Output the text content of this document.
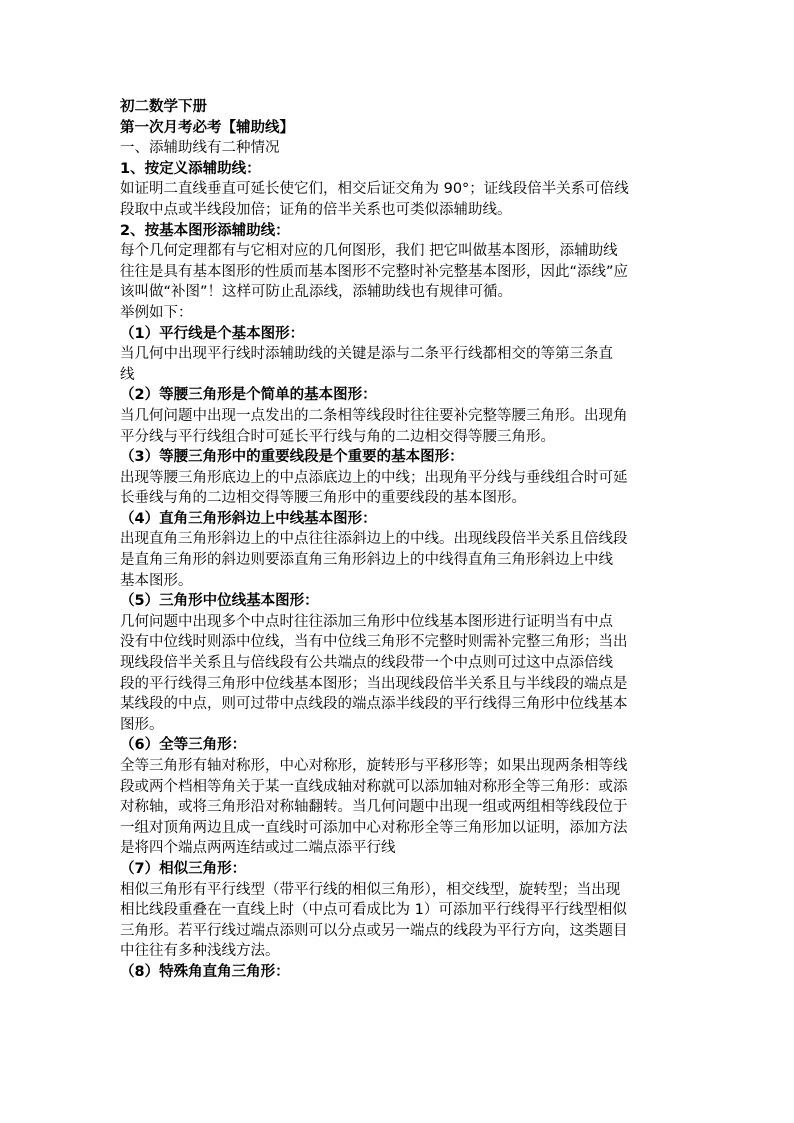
初二数学下册
第一次月考必考【辅助线】
一、添辅助线有二种情况
1、按定义添辅助线：
如证明二直线垂直可延长使它们，相交后证交角为 90°；证线段倍半关系可倍线
段取中点或半线段加倍；证角的倍半关系也可类似添辅助线。
2、按基本图形添辅助线：
每个几何定理都有与它相对应的几何图形，我们 把它叫做基本图形，添辅助线
往往是具有基本图形的性质而基本图形不完整时补完整基本图形，因此“添线”应
该叫做“补图”！这样可防止乱添线，添辅助线也有规律可循。
举例如下：
（1）平行线是个基本图形：
当几何中出现平行线时添辅助线的关键是添与二条平行线都相交的等第三条直
线
（2）等腰三角形是个简单的基本图形：
当几何问题中出现一点发出的二条相等线段时往往要补完整等腰三角形。出现角
平分线与平行线组合时可延长平行线与角的二边相交得等腰三角形。
（3）等腰三角形中的重要线段是个重要的基本图形：
出现等腰三角形底边上的中点添底边上的中线；出现角平分线与垂线组合时可延
长垂线与角的二边相交得等腰三角形中的重要线段的基本图形。
（4）直角三角形斜边上中线基本图形：
出现直角三角形斜边上的中点往往添斜边上的中线。出现线段倍半关系且倍线段
是直角三角形的斜边则要添直角三角形斜边上的中线得直角三角形斜边上中线
基本图形。
（5）三角形中位线基本图形：
几何问题中出现多个中点时往往添加三角形中位线基本图形进行证明当有中点
没有中位线时则添中位线，当有中位线三角形不完整时则需补完整三角形；当出
现线段倍半关系且与倍线段有公共端点的线段带一个中点则可过这中点添倍线
段的平行线得三角形中位线基本图形；当出现线段倍半关系且与半线段的端点是
某线段的中点，则可过带中点线段的端点添半线段的平行线得三角形中位线基本
图形。
（6）全等三角形：
全等三角形有轴对称形，中心对称形，旋转形与平移形等；如果出现两条相等线
段或两个档相等角关于某一直线成轴对称就可以添加轴对称形全等三角形：或添
对称轴，或将三角形沿对称轴翻转。当几何问题中出现一组或两组相等线段位于
一组对顶角两边且成一直线时可添加中心对称形全等三角形加以证明，添加方法
是将四个端点两两连结或过二端点添平行线
（7）相似三角形：
相似三角形有平行线型（带平行线的相似三角形），相交线型，旋转型；当出现
相比线段重叠在一直线上时（中点可看成比为 1）可添加平行线得平行线型相似
三角形。若平行线过端点添则可以分点或另一端点的线段为平行方向，这类题目
中往往有多种浅线方法。
（8）特殊角直角三角形：
